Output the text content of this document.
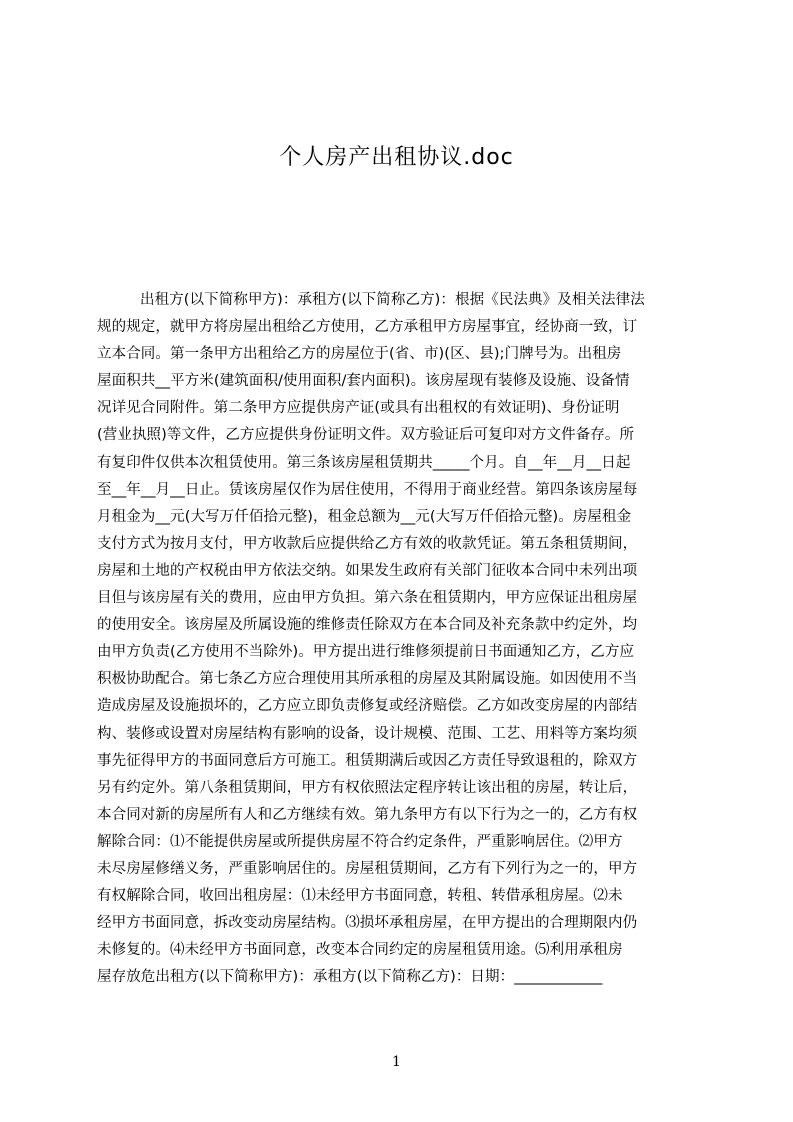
个人房产出租协议.doc
出租方(以下简称甲方)：承租方(以下简称乙方)：根据《民法典》及相关法律法
规的规定，就甲方将房屋出租给乙方使用，乙方承租甲方房屋事宜，经协商一致，订
立本合同。第一条甲方出租给乙方的房屋位于(省、市)(区、县);门牌号为。出租房
屋面积共__平方米(建筑面积/使用面积/套内面积)。该房屋现有装修及设施、设备情
况详见合同附件。第二条甲方应提供房产证(或具有出租权的有效证明)、身份证明
(营业执照)等文件，乙方应提供身份证明文件。双方验证后可复印对方文件备存。所
有复印件仅供本次租赁使用。第三条该房屋租赁期共_____个月。自__年__月__日起
至__年__月__日止。赁该房屋仅作为居住使用，不得用于商业经营。第四条该房屋每
月租金为__元(大写万仟佰拾元整)，租金总额为__元(大写万仟佰拾元整)。房屋租金
支付方式为按月支付，甲方收款后应提供给乙方有效的收款凭证。第五条租赁期间，
房屋和土地的产权税由甲方依法交纳。如果发生政府有关部门征收本合同中未列出项
目但与该房屋有关的费用，应由甲方负担。第六条在租赁期内，甲方应保证出租房屋
的使用安全。该房屋及所属设施的维修责任除双方在本合同及补充条款中约定外，均
由甲方负责(乙方使用不当除外)。甲方提出进行维修须提前日书面通知乙方，乙方应
积极协助配合。第七条乙方应合理使用其所承租的房屋及其附属设施。如因使用不当
造成房屋及设施损坏的，乙方应立即负责修复或经济赔偿。乙方如改变房屋的内部结
构、装修或设置对房屋结构有影响的设备，设计规模、范围、工艺、用料等方案均须
事先征得甲方的书面同意后方可施工。租赁期满后或因乙方责任导致退租的，除双方
另有约定外。第八条租赁期间，甲方有权依照法定程序转让该出租的房屋，转让后，
本合同对新的房屋所有人和乙方继续有效。第九条甲方有以下行为之一的，乙方有权
解除合同：⑴不能提供房屋或所提供房屋不符合约定条件，严重影响居住。⑵甲方
未尽房屋修缮义务，严重影响居住的。房屋租赁期间，乙方有下列行为之一的，甲方
有权解除合同，收回出租房屋：⑴未经甲方书面同意，转租、转借承租房屋。⑵未
经甲方书面同意，拆改变动房屋结构。⑶损坏承租房屋，在甲方提出的合理期限内仍
未修复的。⑷未经甲方书面同意，改变本合同约定的房屋租赁用途。⑸利用承租房
屋存放危出租方(以下简称甲方)：承租方(以下简称乙方)：日期：____________
1
